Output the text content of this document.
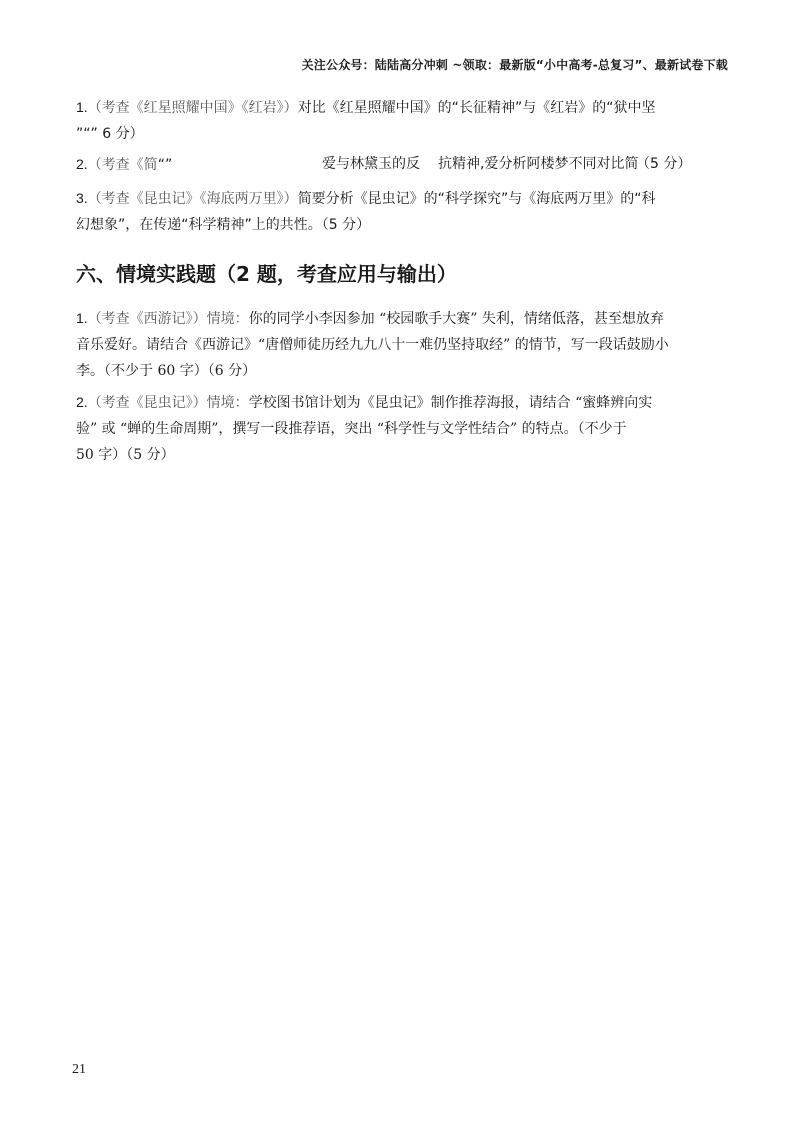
关注公众号：陆陆高分冲刺 ~领取：最新版“小中高考-总复习”、最新试卷下载
1.（考查《红星照耀中国》《红岩》）对比《红星照耀中国》的“长征精神”与《红岩》的“狱中坚
”“” 6 分）
2.（考查《简“”	爱与林黛玉的反 抗精神,爱分析阿楼梦不同对比简
（5 分）
3.（考查《昆虫记》《海底两万里》）简要分析《昆虫记》的“科学探究”与《海底两万里》的“科
幻想象”，在传递“科学精神”上的共性。（5 分）
六、情境实践题（2 题，考查应用与输出）
1.（考查《西游记》）情境：你的同学小李因参加 “校园歌手大赛” 失利，情绪低落，甚至想放弃
音乐爱好。请结合《西游记》“唐僧师徒历经九九八十一难仍坚持取经” 的情节，写一段话鼓励小
李。（不少于 60 字）（6 分）
2.（考查《昆虫记》）情境：学校图书馆计划为《昆虫记》制作推荐海报，请结合 “蜜蜂辨向实
验” 或 “蝉的生命周期”，撰写一段推荐语，突出 “科学性与文学性结合” 的特点。（不少于
50 字）（5 分）
21
